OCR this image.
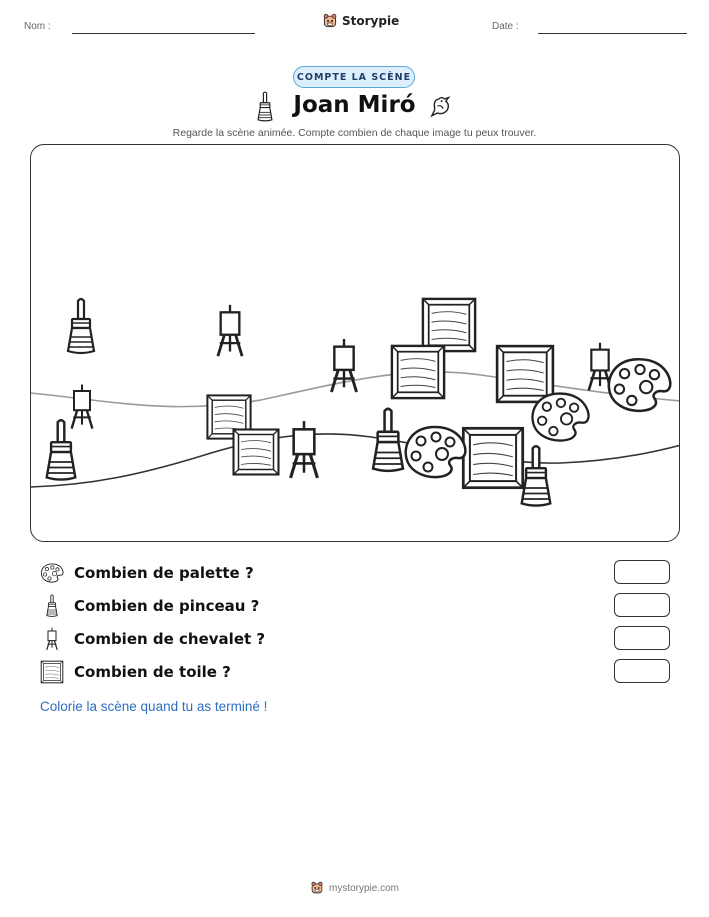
Nom :	Storypie	Date :
COMPTE LA SCÈNE
Joan Miró
Regarde la scène animée. Compte combien de chaque image tu peux trouver.
Combien de palette ?
Combien de pinceau ?
Combien de chevalet ?
Combien de toile ?
Colorie la scène quand tu as terminé !
mystorypie.com
